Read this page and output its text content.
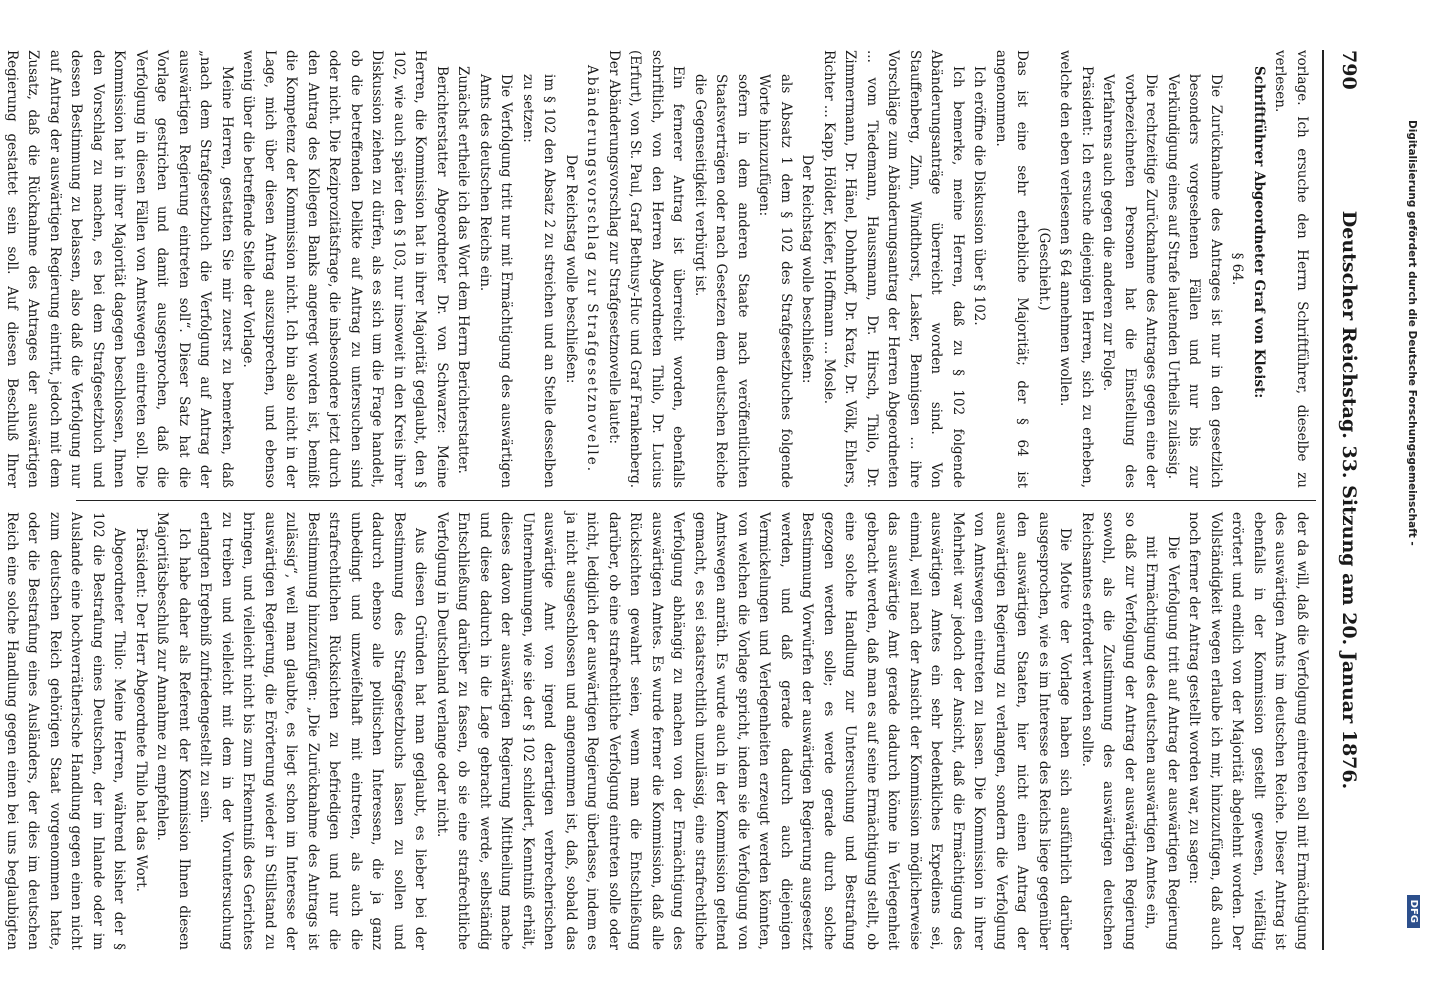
790
Deutscher Reichstag. 33. Sitzung am 20. Januar 1876.

vorlage. Ich ersuche den Herrn Schriftführer, dieselbe zu verlesen.

Schriftführer Abgeordneter Graf von Kleist:

§ 64.

Die Zurücknahme des Antrages ist nur in den gesetzlich besonders vorgesehenen Fällen und nur bis zur Verkündigung eines auf Strafe lautenden Urtheils zulässig.

Die rechtzeitige Zurücknahme des Antrages gegen eine der vorbezeichneten Personen hat die Einstellung des Verfahrens auch gegen die anderen zur Folge.

Präsident: Ich ersuche diejenigen Herren, sich zu erheben, welche den eben verlesenen § 64 annehmen wollen.

(Geschieht.)

Das ist eine sehr erhebliche Majorität; der § 64 ist angenommen.

Ich eröffne die Diskussion über § 102.

Ich bemerke, meine Herren, daß zu § 102 folgende Abänderungsanträge überreicht worden sind. Von Stauffenberg, Zinn, Windthorst, Lasker, Bennigsen ... ihre Vorschläge zum Abänderungsantrag der Herren Abgeordneten ... vom Tiedemann, Haussmann, Dr. Hirsch, Thilo, Dr. Zimmermann, Dr. Hänel, Dohnhoff, Dr. Kratz, Dr. Völk, Ehlers, Richter ... Kapp, Hölder, Kiefer, Hoffmann ... Mosle.

Der Reichstag wolle beschließen:

als Absatz 1 dem § 102 des Strafgesetzbuches folgende Worte hinzuzufügen:

sofern in dem anderen Staate nach veröffentlichten Staatsverträgen oder nach Gesetzen dem deutschen Reiche die Gegenseitigkeit verbürgt ist.

Ein fernerer Antrag ist überreicht worden, ebenfalls schriftlich, von den Herren Abgeordneten Thilo, Dr. Lucius (Erfurt), von St. Paul, Graf Bethusy-Huc und Graf Frankenberg. Der Abänderungsvorschlag zur Strafgesetznovelle lautet:

Abänderungsvorschlag zur Strafgesetznovelle.

Der Reichstag wolle beschließen:

im § 102 den Absatz 2 zu streichen und an Stelle desselben zu setzen:

Die Verfolgung tritt nur mit Ermächtigung des auswärtigen Amts des deutschen Reichs ein.

Zunächst ertheile ich das Wort dem Herrn Berichterstatter.

Berichterstatter Abgeordneter Dr. von Schwarze: Meine Herren, die Kommission hat in ihrer Majorität geglaubt, den § 102, wie auch später den § 103, nur insoweit in den Kreis ihrer Diskussion ziehen zu dürfen, als es sich um die Frage handelt, ob die betreffenden Delikte auf Antrag zu untersuchen sind oder nicht. Die Reziprozitätsfrage, die insbesondere jetzt durch den Antrag des Kollegen Banks angeregt worden ist, bemißt die Kompetenz der Kommission nicht. Ich bin also nicht in der Lage, mich über diesen Antrag auszusprechen, und ebenso wenig über die betreffende Stelle der Vorlage.

Meine Herren, gestatten Sie mir zuerst zu bemerken, daß „nach dem Strafgesetzbuch die Verfolgung auf Antrag der auswärtigen Regierung eintreten soll“. Dieser Satz hat die Vorlage gestrichen und damit ausgesprochen, daß die Verfolgung in diesen Fällen von Amtswegen eintreten soll. Die Kommission hat in ihrer Majorität dagegen beschlossen, Ihnen den Vorschlag zu machen, es bei dem Strafgesetzbuch und dessen Bestimmung zu belassen, also daß die Verfolgung nur auf Antrag der auswärtigen Regierung eintritt, jedoch mit dem Zusatz, daß die Rücknahme des Antrages der auswärtigen Regierung gestattet sein soll. Auf diesen Beschluß Ihrer

der da will, daß die Verfolgung eintreten soll mit Ermächtigung des auswärtigen Amts im deutschen Reiche. Dieser Antrag ist ebenfalls in der Kommission gestellt gewesen, vielfältig erörtert und endlich von der Majorität abgelehnt worden. Der Vollständigkeit wegen erlaube ich mir, hinzuzufügen, daß auch noch ferner der Antrag gestellt worden war, zu sagen:

Die Verfolgung tritt auf Antrag der auswärtigen Regierung mit Ermächtigung des deutschen auswärtigen Amtes ein,

so daß zur Verfolgung der Antrag der auswärtigen Regierung sowohl, als die Zustimmung des auswärtigen deutschen Reichsamtes erfordert werden sollte.

Die Motive der Vorlage haben sich ausführlich darüber ausgesprochen, wie es im Interesse des Reichs liege gegenüber den auswärtigen Staaten, hier nicht einen Antrag der auswärtigen Regierung zu verlangen, sondern die Verfolgung von Amtswegen eintreten zu lassen. Die Kommission in ihrer Mehrheit war jedoch der Ansicht, daß die Ermächtigung des auswärtigen Amtes ein sehr bedenkliches Expediens sei, einmal, weil nach der Ansicht der Kommission möglicherweise das auswärtige Amt gerade dadurch könne in Verlegenheit gebracht werden, daß man es auf seine Ermächtigung stellt, ob eine solche Handlung zur Untersuchung und Bestrafung gezogen werden solle; es werde gerade durch solche Bestimmung Vorwürfen der auswärtigen Regierung ausgesetzt werden, und daß gerade dadurch auch diejenigen Vermickelungen und Verlegenheiten erzeugt werden könnten, von welchen die Vorlage spricht, indem sie die Verfolgung von Amtswegen anräth. Es wurde auch in der Kommission geltend gemacht, es sei staatsrechtlich unzulässig, eine strafrechtliche Verfolgung abhängig zu machen von der Ermächtigung des auswärtigen Amtes. Es wurde ferner die Kommission, daß alle Rücksichten gewahrt seien, wenn man die Entschließung darüber, ob eine strafrechtliche Verfolgung eintreten solle oder nicht, lediglich der auswärtigen Regierung überlasse, indem es ja nicht ausgeschlossen und angenommen ist, daß, sobald das auswärtige Amt von irgend derartigen verbrecherischen Unternehmungen, wie sie der § 102 schildert, Kenntniß erhält, dieses davon der auswärtigen Regierung Mittheilung mache und diese dadurch in die Lage gebracht werde, selbständig Entschließung darüber zu fassen, ob sie eine strafrechtliche Verfolgung in Deutschland verlange oder nicht.

Aus diesen Gründen hat man geglaubt, es lieber bei der Bestimmung des Strafgesetzbuchs lassen zu sollen und dadurch ebenso alle politischen Interessen, die ja ganz unbedingt und unzweifelhaft mit eintreten, als auch die strafrechtlichen Rücksichten zu befriedigen und nur die Bestimmung hinzuzufügen: „Die Zurücknahme des Antrags ist zulässig“, weil man glaubte, es liegt schon im Interesse der auswärtigen Regierung, die Erörterung wieder in Stillstand zu bringen, und vielleicht nicht bis zum Erkenntniß des Gerichtes zu treiben und vielleicht mit dem in der Voruntersuchung erlangten Ergebniß zufriedengestellt zu sein.

Ich habe daher als Referent der Kommission Ihnen diesen Majoritätsbeschluß zur Annahme zu empfehlen.

Präsident: Der Herr Abgeordnete Thilo hat das Wort.

Abgeordneter Thilo: Meine Herren, während bisher der § 102 die Bestrafung eines Deutschen, der im Inlande oder im Auslande eine hochverrätherische Handlung gegen einen nicht zum deutschen Reich gehörigen Staat vorgenommen hatte, oder die Bestrafung eines Ausländers, der dies im deutschen Reich eine solche Handlung gegen einen bei uns beglaubigten

Digitalisierung gefördert durch die Deutsche Forschungsgemeinschaft -
DFG
